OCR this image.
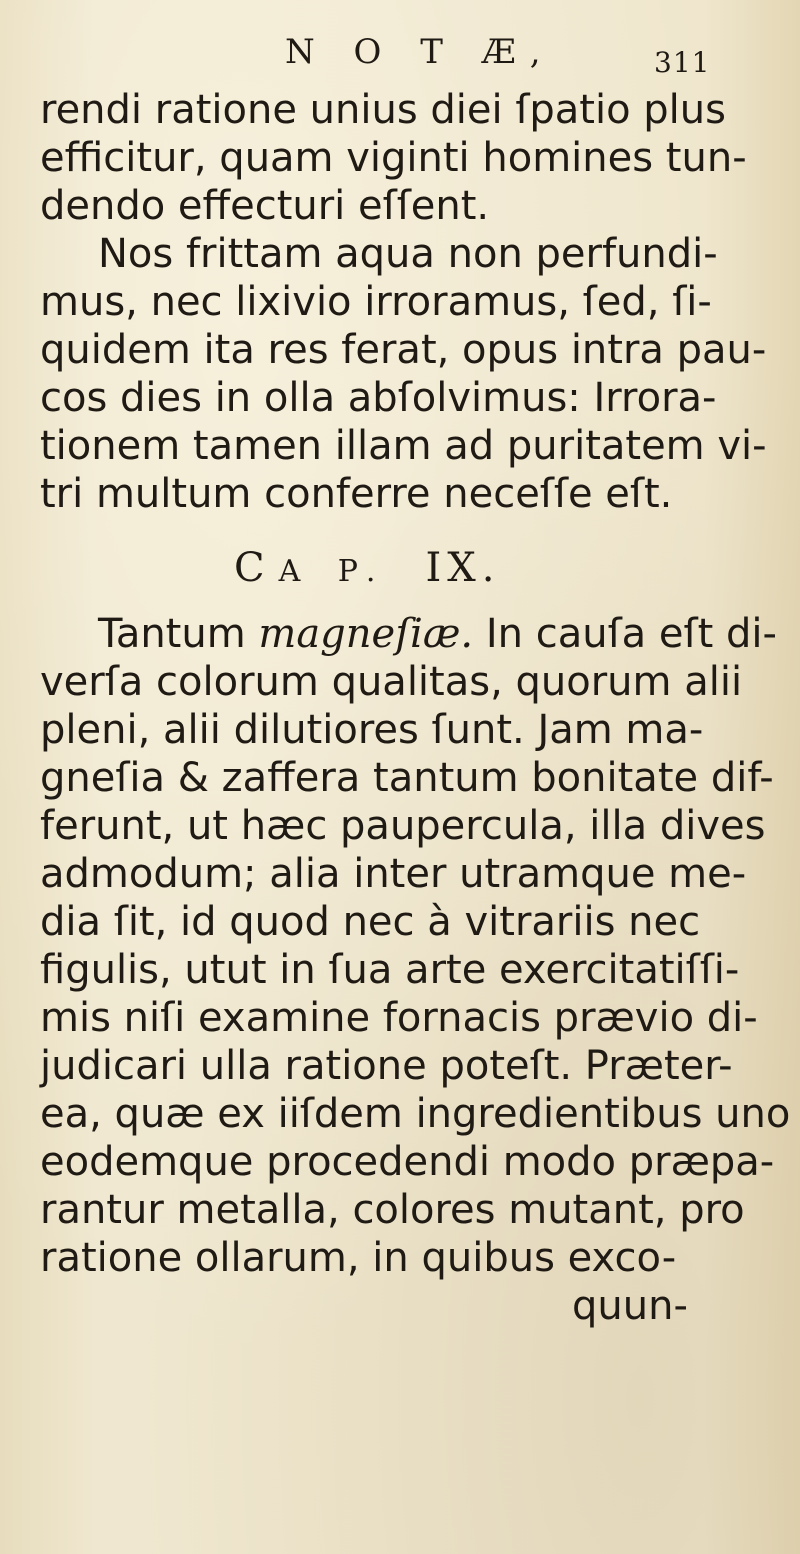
N O T Æ,	311
rendi ratione unius diei ſpatio plus
efficitur, quam viginti homines tun-
dendo effecturi eſſent.
Nos frittam aqua non perfundi-
mus, nec lixivio irroramus, ſed, ſi-
quidem ita res ferat, opus intra pau-
cos dies in olla abſolvimus: Irrora-
tionem tamen illam ad puritatem vi-
tri multum conferre neceſſe eſt.
CA P. IX.
Tantum magneſiæ. In cauſa eſt di-
verſa colorum qualitas, quorum alii
pleni, alii dilutiores ſunt. Jam ma-
gneſia & zaffera tantum bonitate dif-
ferunt, ut hæc paupercula, illa dives
admodum; alia inter utramque me-
dia ſit, id quod nec à vitrariis nec
figulis, utut in ſua arte exercitatiſſi-
mis niſi examine fornacis prævio di-
judicari ulla ratione poteſt. Præter-
ea, quæ ex iiſdem ingredientibus uno
eodemque procedendi modo præpa-
rantur metalla, colores mutant, pro
ratione ollarum, in quibus exco-
quun-
